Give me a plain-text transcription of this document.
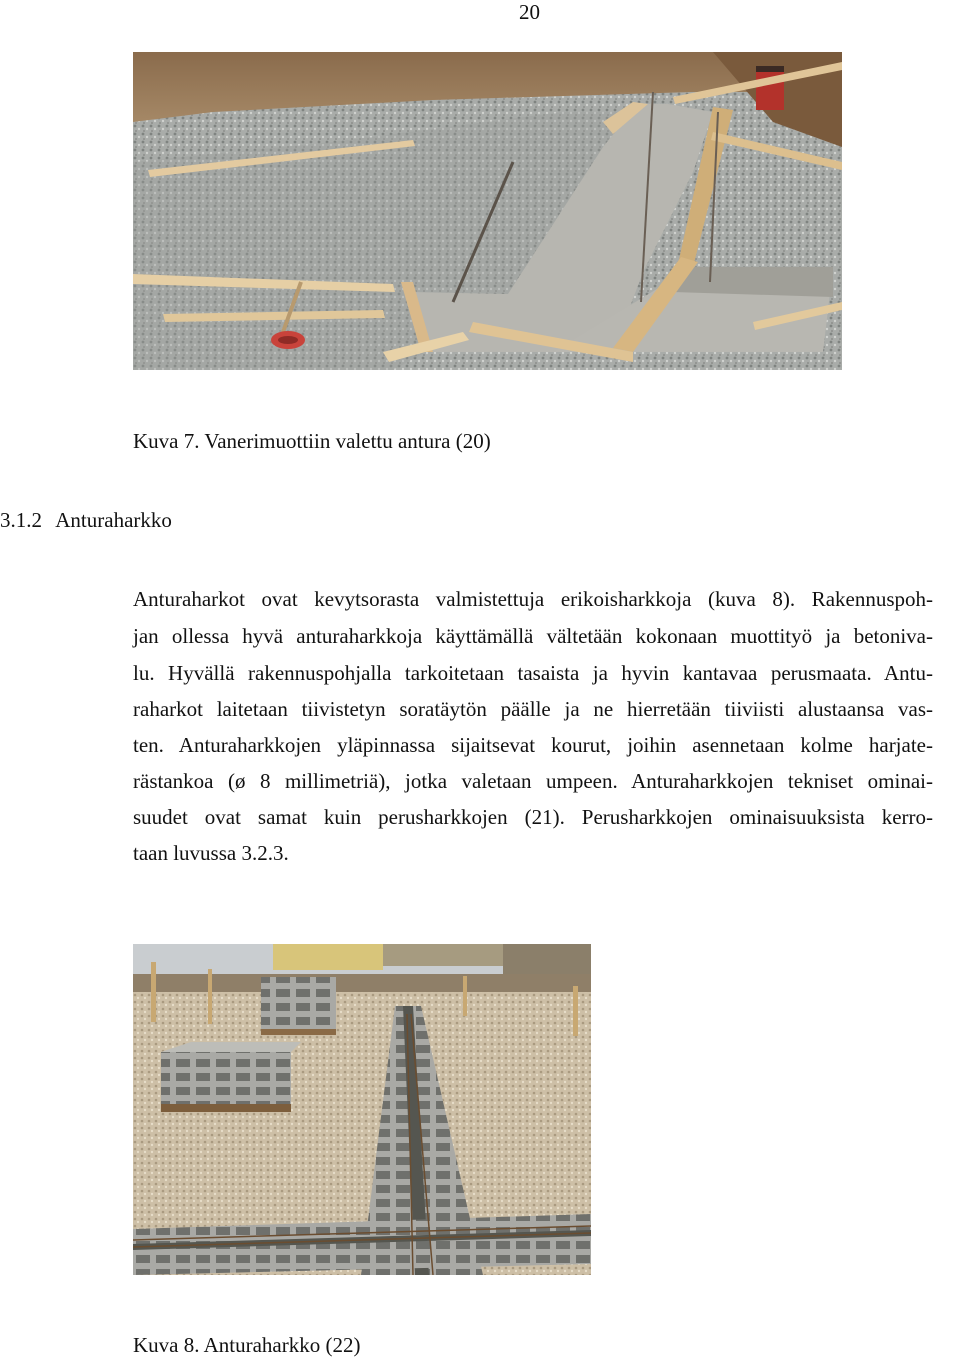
20
Kuva 7. Vanerimuottiin valettu antura (20)
3.1.2 Anturaharkko
Anturaharkot ovat kevytsorasta valmistettuja erikoisharkkoja (kuva 8). Rakennuspoh-
jan ollessa hyvä anturaharkkoja käyttämällä vältetään kokonaan muottityö ja betoniva-
lu. Hyvällä rakennuspohjalla tarkoitetaan tasaista ja hyvin kantavaa perusmaata. Antu-
raharkot laitetaan tiivistetyn soratäytön päälle ja ne hierretään tiiviisti alustaansa vas-
ten. Anturaharkkojen yläpinnassa sijaitsevat kourut, joihin asennetaan kolme harjate-
rästankoa (ø 8 millimetriä), jotka valetaan umpeen. Anturaharkkojen tekniset ominai-
suudet ovat samat kuin perusharkkojen (21). Perusharkkojen ominaisuuksista kerro-
taan luvussa 3.2.3.
Kuva 8. Anturaharkko (22)
